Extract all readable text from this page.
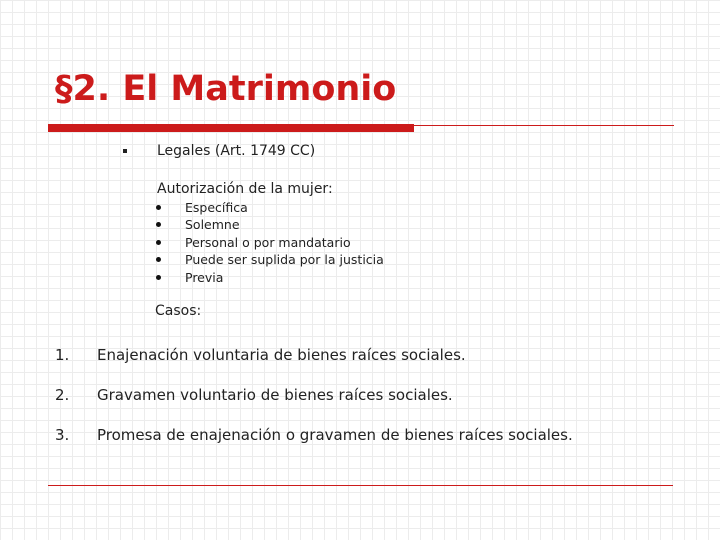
§2. El Matrimonio
Legales (Art. 1749 CC)
Autorización de la mujer:
Específica
Solemne
Personal o por mandatario
Puede ser suplida por la justicia
Previa
Casos:
1. Enajenación voluntaria de bienes raíces sociales.
2. Gravamen voluntario de bienes raíces sociales.
3. Promesa de enajenación o gravamen de bienes raíces sociales.
